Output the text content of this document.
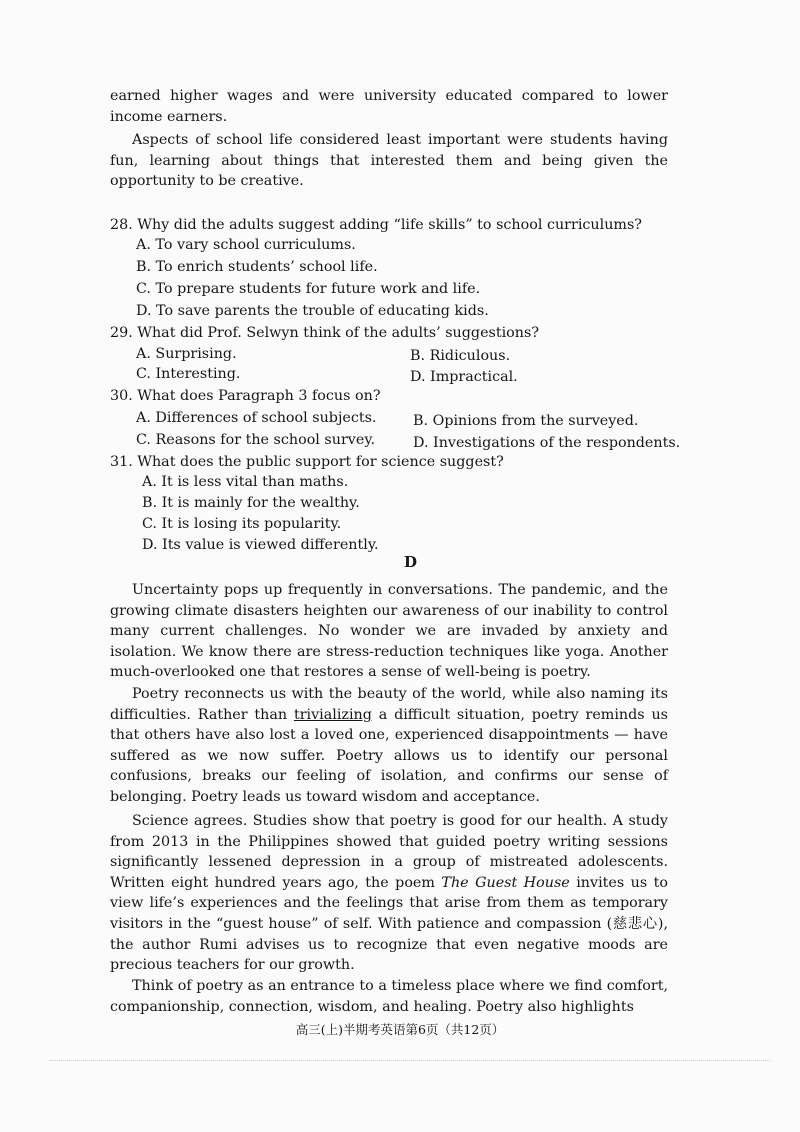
earned higher wages and were university educated compared to lower income earners.

Aspects of school life considered least important were students having fun, learning about things that interested them and being given the opportunity to be creative.

28. Why did the adults suggest adding “life skills” to school curriculums?

A. To vary school curriculums.
B. To enrich students’ school life.
C. To prepare students for future work and life.
D. To save parents the trouble of educating kids.

29. What did Prof. Selwyn think of the adults’ suggestions?

A. Surprising.	B. Ridiculous.
C. Interesting.	D. Impractical.

30. What does Paragraph 3 focus on?

A. Differences of school subjects.	B. Opinions from the surveyed.
C. Reasons for the school survey.	D. Investigations of the respondents.

31. What does the public support for science suggest?

A. It is less vital than maths.
B. It is mainly for the wealthy.
C. It is losing its popularity.
D. Its value is viewed differently.

D

Uncertainty pops up frequently in conversations. The pandemic, and the growing climate disasters heighten our awareness of our inability to control many current challenges. No wonder we are invaded by anxiety and isolation. We know there are stress-reduction techniques like yoga. Another much-overlooked one that restores a sense of well-being is poetry.

Poetry reconnects us with the beauty of the world, while also naming its difficulties. Rather than trivializing a difficult situation, poetry reminds us that others have also lost a loved one, experienced disappointments — have suffered as we now suffer. Poetry allows us to identify our personal confusions, breaks our feeling of isolation, and confirms our sense of belonging. Poetry leads us toward wisdom and acceptance.

Science agrees. Studies show that poetry is good for our health. A study from 2013 in the Philippines showed that guided poetry writing sessions significantly lessened depression in a group of mistreated adolescents. Written eight hundred years ago, the poem The Guest House invites us to view life’s experiences and the feelings that arise from them as temporary visitors in the “guest house” of self. With patience and compassion (慈悲心), the author Rumi advises us to recognize that even negative moods are precious teachers for our growth.

Think of poetry as an entrance to a timeless place where we find comfort, companionship, connection, wisdom, and healing. Poetry also highlights

高三(上)半期考英语第6页（共12页）
